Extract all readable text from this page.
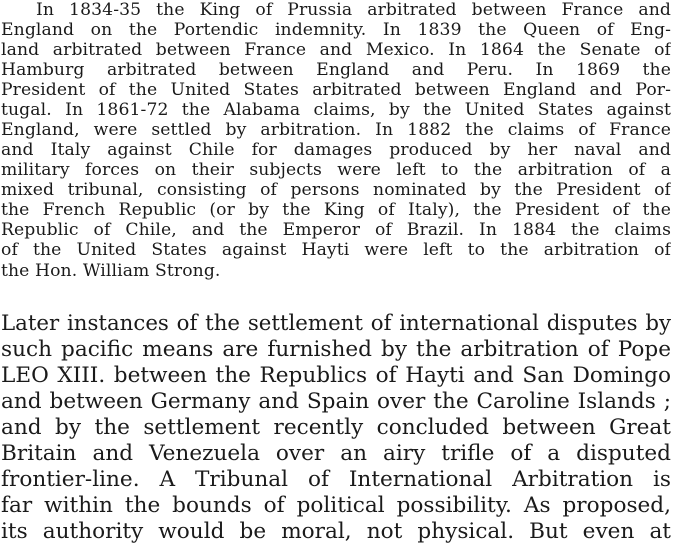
In 1834-35 the King of Prussia arbitrated between France and
England on the Portendic indemnity. In 1839 the Queen of Eng-
land arbitrated between France and Mexico. In 1864 the Senate of
Hamburg arbitrated between England and Peru. In 1869 the
President of the United States arbitrated between England and Por-
tugal. In 1861-72 the Alabama claims, by the United States against
England, were settled by arbitration. In 1882 the claims of France
and Italy against Chile for damages produced by her naval and
military forces on their subjects were left to the arbitration of a
mixed tribunal, consisting of persons nominated by the President of
the French Republic (or by the King of Italy), the President of the
Republic of Chile, and the Emperor of Brazil. In 1884 the claims
of the United States against Hayti were left to the arbitration of
the Hon. William Strong.
Later instances of the settlement of international disputes by
such pacific means are furnished by the arbitration of Pope
LEO XIII. between the Republics of Hayti and San Domingo
and between Germany and Spain over the Caroline Islands ;
and by the settlement recently concluded between Great
Britain and Venezuela over an airy trifle of a disputed
frontier-line. A Tribunal of International Arbitration is
far within the bounds of political possibility. As proposed,
its authority would be moral, not physical. But even at
